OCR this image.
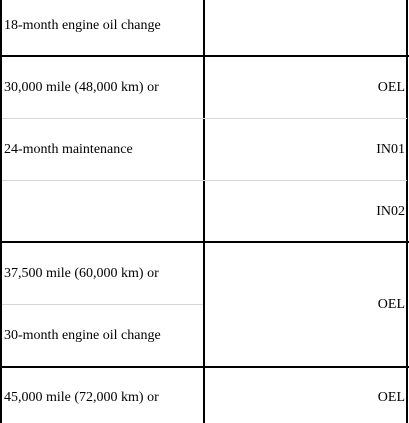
18-month engine oil change
30,000 mile (48,000 km) or
24-month maintenance
37,500 mile (60,000 km) or
30-month engine oil change
45,000 mile (72,000 km) or
OEL
IN01
IN02
OEL
OEL
